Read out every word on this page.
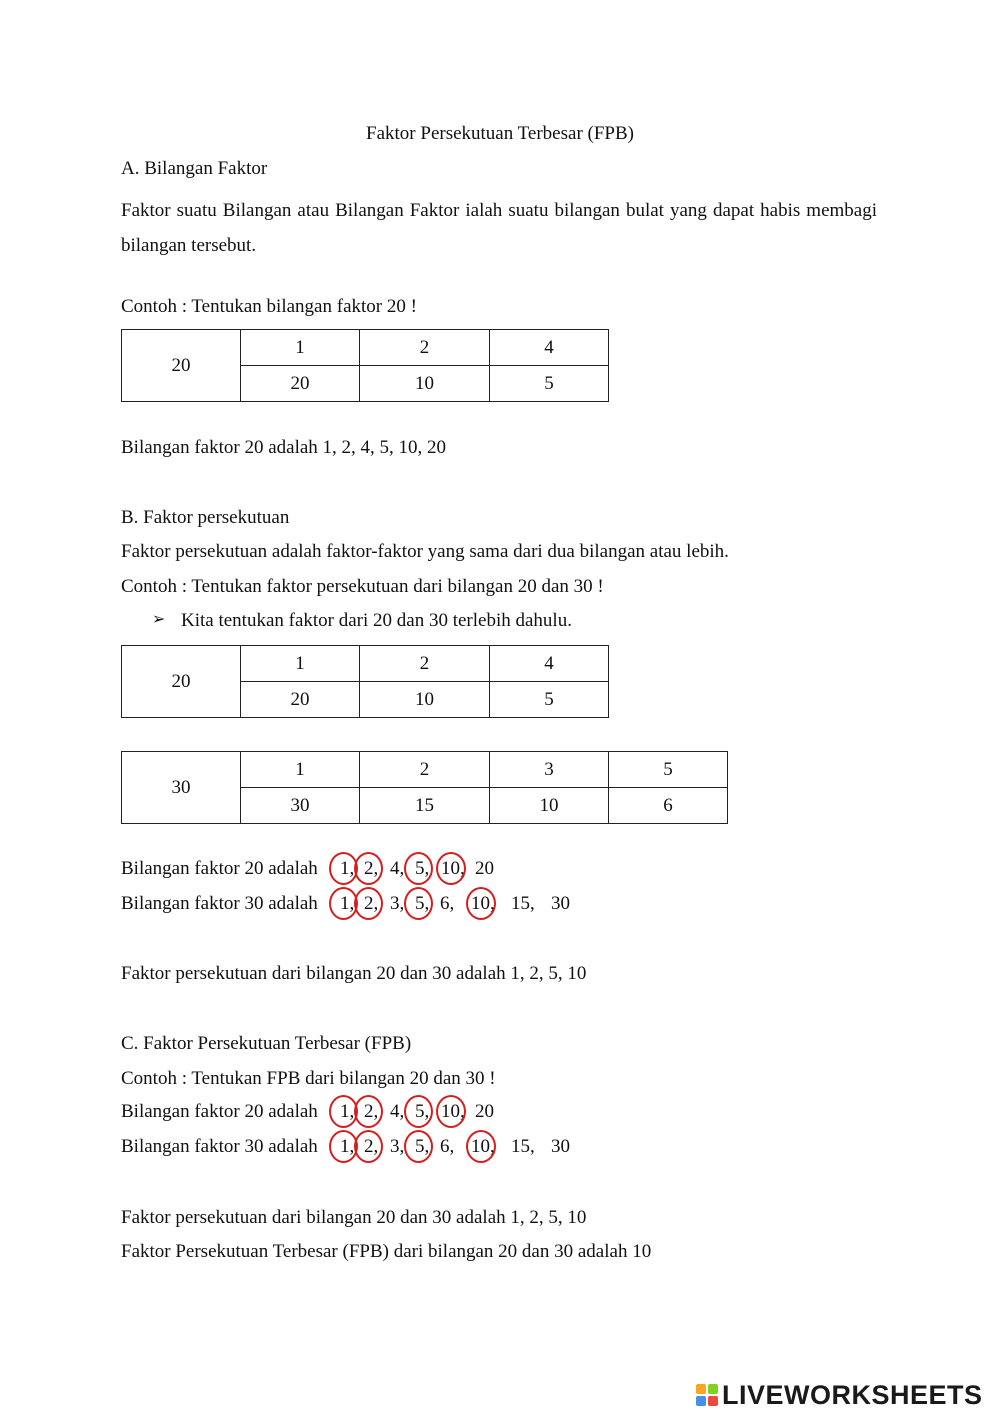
Faktor Persekutuan Terbesar (FPB)
A. Bilangan Faktor
Faktor suatu Bilangan atau Bilangan Faktor ialah suatu bilangan bulat yang dapat habis membagi bilangan tersebut.
Contoh : Tentukan bilangan faktor 20 !
20	1	2	4
	20	10	5
Bilangan faktor 20 adalah 1, 2, 4, 5, 10, 20
B. Faktor persekutuan
Faktor persekutuan adalah faktor-faktor yang sama dari dua bilangan atau lebih.
Contoh : Tentukan faktor persekutuan dari bilangan 20 dan 30 !
➢ Kita tentukan faktor dari 20 dan 30 terlebih dahulu.
20	1	2	4
	20	10	5
30	1	2	3	5
	30	15	10	6
Bilangan faktor 20 adalah 1, 2, 4, 5, 10, 20
Bilangan faktor 30 adalah 1, 2, 3, 5, 6, 10, 15, 30
Faktor persekutuan dari bilangan 20 dan 30 adalah 1, 2, 5, 10
C. Faktor Persekutuan Terbesar (FPB)
Contoh : Tentukan FPB dari bilangan 20 dan 30 !
Bilangan faktor 20 adalah 1, 2, 4, 5, 10, 20
Bilangan faktor 30 adalah 1, 2, 3, 5, 6, 10, 15, 30
Faktor persekutuan dari bilangan 20 dan 30 adalah 1, 2, 5, 10
Faktor Persekutuan Terbesar (FPB) dari bilangan 20 dan 30 adalah 10
LIVEWORKSHEETS
